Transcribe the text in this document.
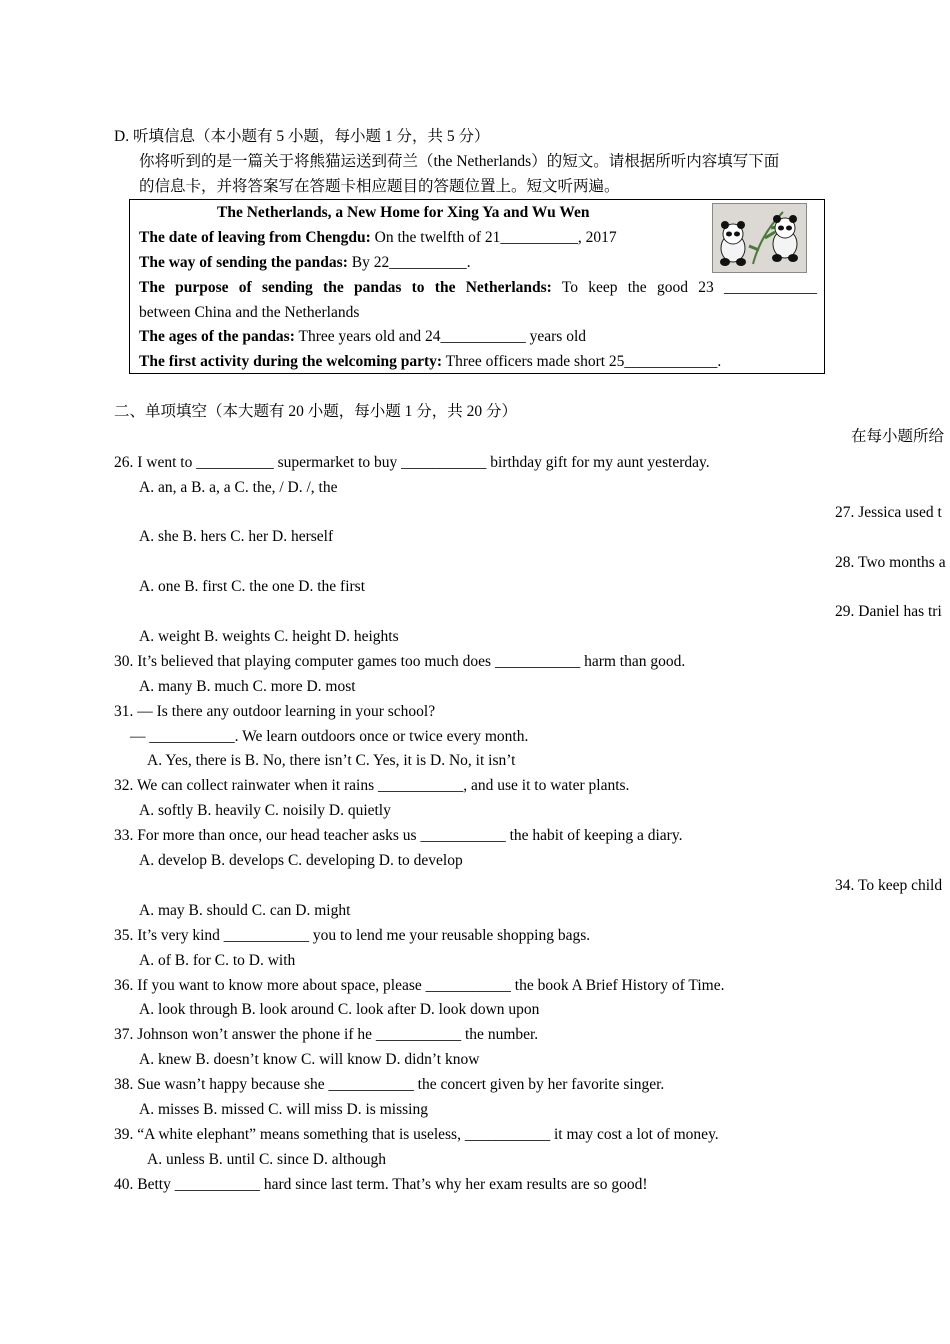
D. 听填信息（本小题有 5 小题，每小题 1 分，共 5 分）
你将听到的是一篇关于将熊猫运送到荷兰（the Netherlands）的短文。请根据所听内容填写下面
的信息卡，并将答案写在答题卡相应题目的答题位置上。短文听两遍。
The Netherlands, a New Home for Xing Ya and Wu Wen
The date of leaving from Chengdu: On the twelfth of 21__________, 2017
The way of sending the pandas: By 22__________.
The purpose of sending the pandas to the Netherlands: To keep the good 23 ____________
between China and the Netherlands
The ages of the pandas: Three years old and 24___________ years old
The first activity during the welcoming party: Three officers made short 25____________.
二、单项填空（本大题有 20 小题，每小题 1 分，共 20 分）
在每小题所给
26. I went to __________ supermarket to buy ___________ birthday gift for my aunt yesterday.
A. an, a B. a, a C. the, / D. /, the
27. Jessica used t
A. she B. hers C. her D. herself
28. Two months a
A. one B. first C. the one D. the first
29. Daniel has tri
A. weight B. weights C. height D. heights
30. It’s believed that playing computer games too much does ___________ harm than good.
A. many B. much C. more D. most
31. — Is there any outdoor learning in your school?
— ___________. We learn outdoors once or twice every month.
A. Yes, there is B. No, there isn’t C. Yes, it is D. No, it isn’t
32. We can collect rainwater when it rains ___________, and use it to water plants.
A. softly B. heavily C. noisily D. quietly
33. For more than once, our head teacher asks us ___________ the habit of keeping a diary.
A. develop B. develops C. developing D. to develop
34. To keep child
A. may B. should C. can D. might
35. It’s very kind ___________ you to lend me your reusable shopping bags.
A. of B. for C. to D. with
36. If you want to know more about space, please ___________ the book A Brief History of Time.
A. look through B. look around C. look after D. look down upon
37. Johnson won’t answer the phone if he ___________ the number.
A. knew B. doesn’t know C. will know D. didn’t know
38. Sue wasn’t happy because she ___________ the concert given by her favorite singer.
A. misses B. missed C. will miss D. is missing
39. “A white elephant” means something that is useless, ___________ it may cost a lot of money.
A. unless B. until C. since D. although
40. Betty ___________ hard since last term. That’s why her exam results are so good!
